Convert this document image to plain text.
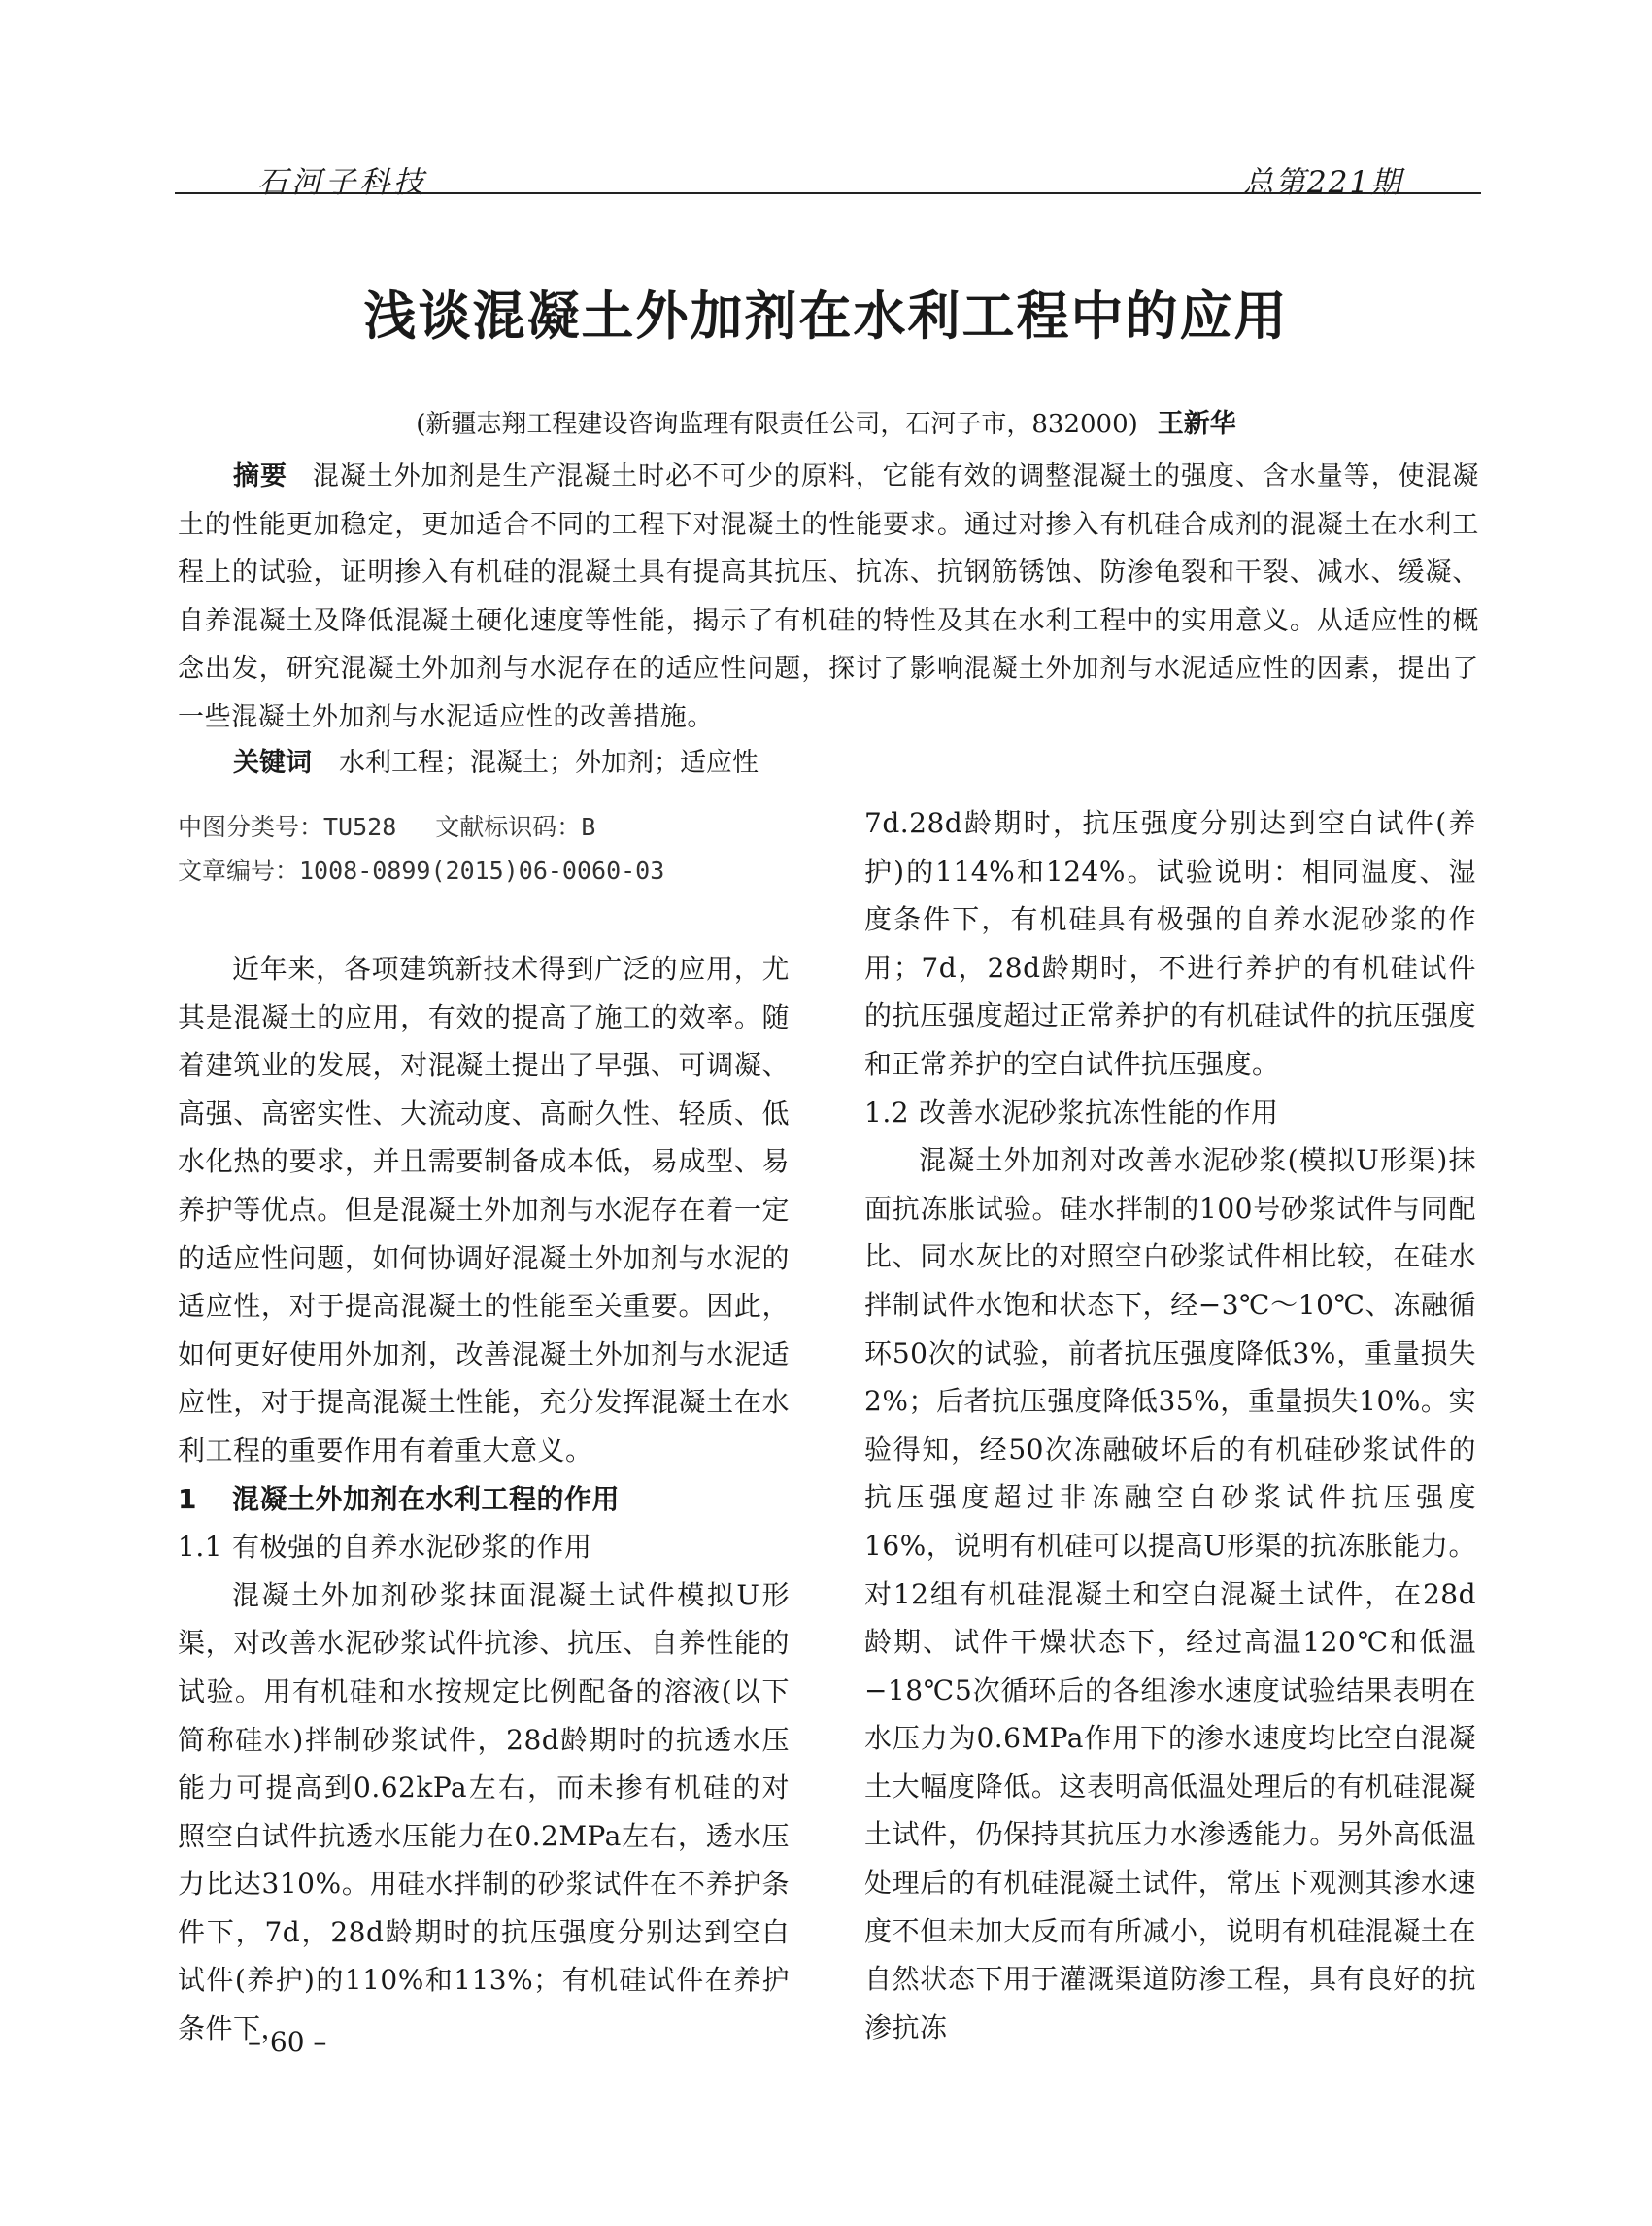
石河子科技	总第221期
浅谈混凝土外加剂在水利工程中的应用
(新疆志翔工程建设咨询监理有限责任公司，石河子市，832000) 王新华
摘要 混凝土外加剂是生产混凝土时必不可少的原料，它能有效的调整混凝土的强度、含水量等，使混凝土的性能更加稳定，更加适合不同的工程下对混凝土的性能要求。通过对掺入有机硅合成剂的混凝土在水利工程上的试验，证明掺入有机硅的混凝土具有提高其抗压、抗冻、抗钢筋锈蚀、防渗龟裂和干裂、减水、缓凝、自养混凝土及降低混凝土硬化速度等性能，揭示了有机硅的特性及其在水利工程中的实用意义。从适应性的概念出发，研究混凝土外加剂与水泥存在的适应性问题，探讨了影响混凝土外加剂与水泥适应性的因素，提出了一些混凝土外加剂与水泥适应性的改善措施。
关键词 水利工程；混凝土；外加剂；适应性
中图分类号：TU528 文献标识码：B
文章编号：1008-0899(2015)06-0060-03

近年来，各项建筑新技术得到广泛的应用，尤其是混凝土的应用，有效的提高了施工的效率。随着建筑业的发展，对混凝土提出了早强、可调凝、高强、高密实性、大流动度、高耐久性、轻质、低水化热的要求，并且需要制备成本低，易成型、易养护等优点。但是混凝土外加剂与水泥存在着一定的适应性问题，如何协调好混凝土外加剂与水泥的适应性，对于提高混凝土的性能至关重要。因此，如何更好使用外加剂，改善混凝土外加剂与水泥适应性，对于提高混凝土性能，充分发挥混凝土在水利工程的重要作用有着重大意义。

1 混凝土外加剂在水利工程的作用
1.1 有极强的自养水泥砂浆的作用

混凝土外加剂砂浆抹面混凝土试件模拟U形渠，对改善水泥砂浆试件抗渗、抗压、自养性能的试验。用有机硅和水按规定比例配备的溶液(以下简称硅水)拌制砂浆试件，28d龄期时的抗透水压能力可提高到0.62kPa左右，而未掺有机硅的对照空白试件抗透水压能力在0.2MPa左右，透水压力比达310%。用硅水拌制的砂浆试件在不养护条件下，7d，28d龄期时的抗压强度分别达到空白试件(养护)的110%和113%；有机硅试件在养护条件下，

7d.28d龄期时，抗压强度分别达到空白试件(养护)的114%和124%。试验说明：相同温度、湿度条件下，有机硅具有极强的自养水泥砂浆的作用；7d，28d龄期时，不进行养护的有机硅试件的抗压强度超过正常养护的有机硅试件的抗压强度和正常养护的空白试件抗压强度。

1.2 改善水泥砂浆抗冻性能的作用

混凝土外加剂对改善水泥砂浆(模拟U形渠)抹面抗冻胀试验。硅水拌制的100号砂浆试件与同配比、同水灰比的对照空白砂浆试件相比较，在硅水拌制试件水饱和状态下，经−3℃～10℃、冻融循环50次的试验，前者抗压强度降低3%，重量损失2%；后者抗压强度降低35%，重量损失10%。实验得知，经50次冻融破坏后的有机硅砂浆试件的抗压强度超过非冻融空白砂浆试件抗压强度16%，说明有机硅可以提高U形渠的抗冻胀能力。对12组有机硅混凝土和空白混凝土试件，在28d龄期、试件干燥状态下，经过高温120℃和低温−18℃5次循环后的各组渗水速度试验结果表明在水压力为0.6MPa作用下的渗水速度均比空白混凝土大幅度降低。这表明高低温处理后的有机硅混凝土试件，仍保持其抗压力水渗透能力。另外高低温处理后的有机硅混凝土试件，常压下观测其渗水速度不但未加大反而有所减小，说明有机硅混凝土在自然状态下用于灌溉渠道防渗工程，具有良好的抗渗抗冻

– 60 –
